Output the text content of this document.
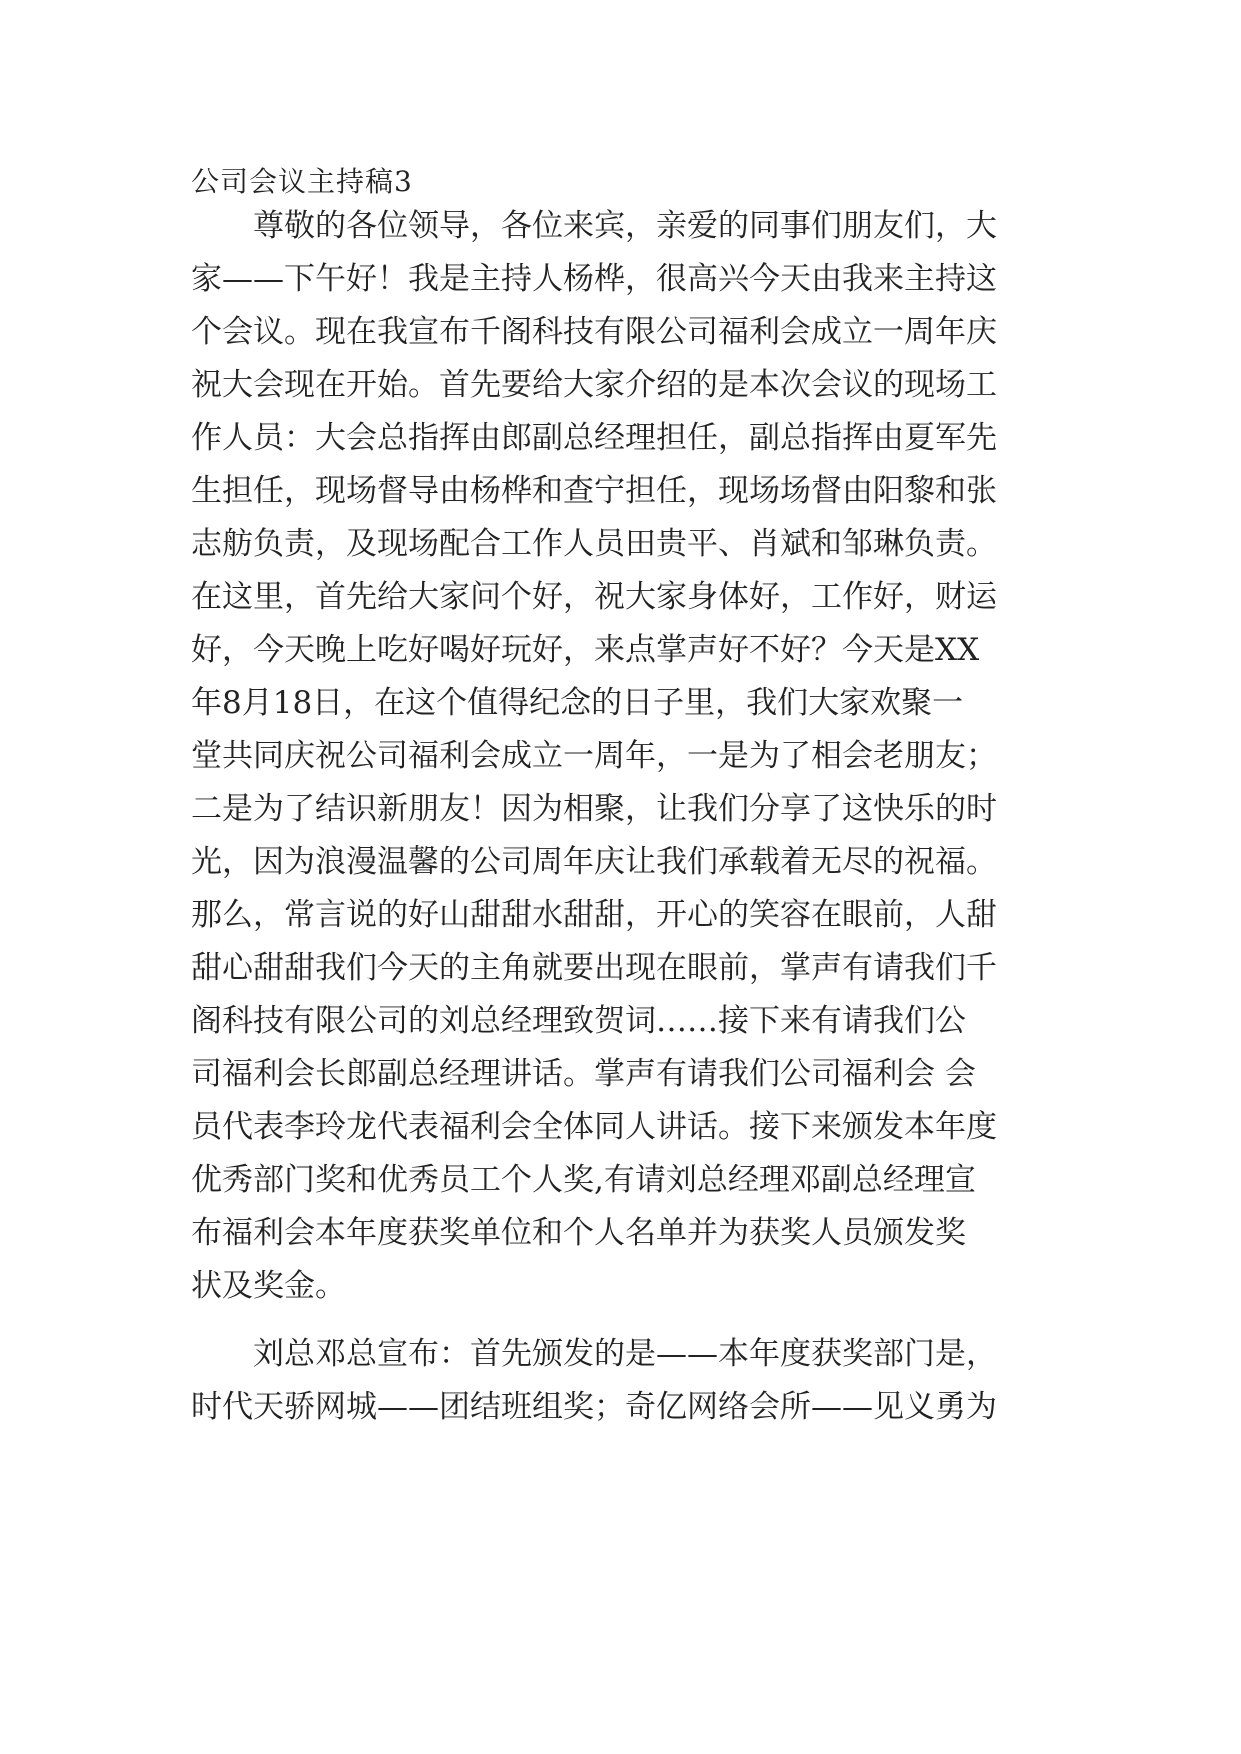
公司会议主持稿3
　　尊敬的各位领导，各位来宾，亲爱的同事们朋友们，大
家——下午好！我是主持人杨桦，很高兴今天由我来主持这
个会议。现在我宣布千阁科技有限公司福利会成立一周年庆
祝大会现在开始。首先要给大家介绍的是本次会议的现场工
作人员：大会总指挥由郎副总经理担任，副总指挥由夏军先
生担任，现场督导由杨桦和查宁担任，现场场督由阳黎和张
志舫负责，及现场配合工作人员田贵平、肖斌和邹琳负责。
在这里，首先给大家问个好，祝大家身体好，工作好，财运
好，今天晚上吃好喝好玩好，来点掌声好不好？今天是XX
年8月18日，在这个值得纪念的日子里，我们大家欢聚一
堂共同庆祝公司福利会成立一周年，一是为了相会老朋友；
二是为了结识新朋友！因为相聚，让我们分享了这快乐的时
光，因为浪漫温馨的公司周年庆让我们承载着无尽的祝福。
那么，常言说的好山甜甜水甜甜，开心的笑容在眼前，人甜
甜心甜甜我们今天的主角就要出现在眼前，掌声有请我们千
阁科技有限公司的刘总经理致贺词……接下来有请我们公
司福利会长郎副总经理讲话。掌声有请我们公司福利会 会
员代表李玲龙代表福利会全体同人讲话。接下来颁发本年度
优秀部门奖和优秀员工个人奖,有请刘总经理邓副总经理宣
布福利会本年度获奖单位和个人名单并为获奖人员颁发奖
状及奖金。
　　刘总邓总宣布：首先颁发的是——本年度获奖部门是，
时代天骄网城——团结班组奖；奇亿网络会所——见义勇为
